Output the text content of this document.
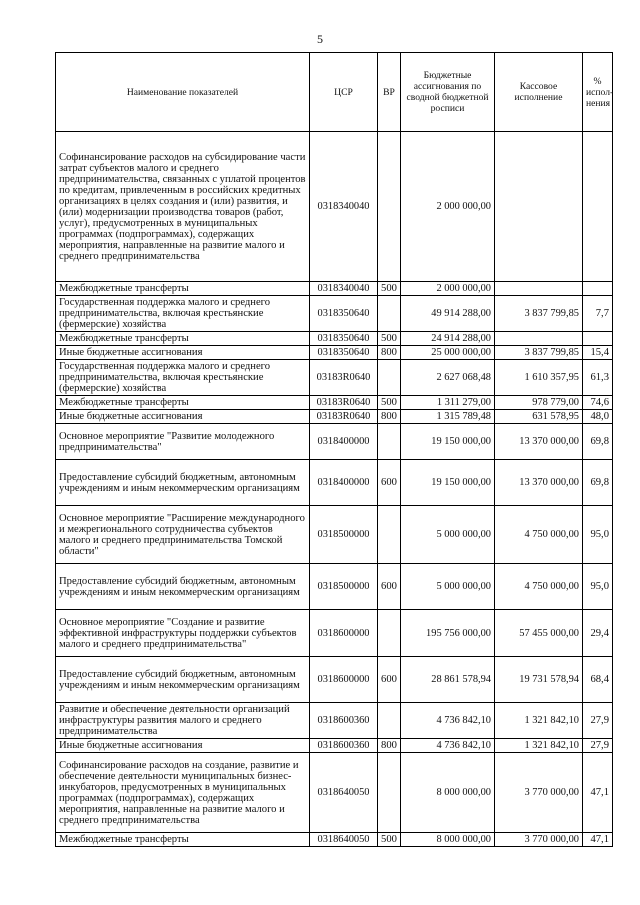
5
Наименование показателей	ЦСР	ВР	Бюджетные ассигнования по сводной бюджетной росписи	Кассовое исполнение	% испол-нения
Софинансирование расходов на субсидирование части затрат субъектов малого и среднего предпринимательства, связанных с уплатой процентов по кредитам, привлеченным в российских кредитных организациях в целях создания и (или) развития, и (или) модернизации производства товаров (работ, услуг), предусмотренных в муниципальных программах (подпрограммах), содержащих мероприятия, направленные на развитие малого и среднего предпринимательства	0318340040		2 000 000,00		
Межбюджетные трансферты	0318340040	500	2 000 000,00		
Государственная поддержка малого и среднего предпринимательства, включая крестьянские (фермерские) хозяйства	0318350640		49 914 288,00	3 837 799,85	7,7
Межбюджетные трансферты	0318350640	500	24 914 288,00		
Иные бюджетные ассигнования	0318350640	800	25 000 000,00	3 837 799,85	15,4
Государственная поддержка малого и среднего предпринимательства, включая крестьянские (фермерские) хозяйства	03183R0640		2 627 068,48	1 610 357,95	61,3
Межбюджетные трансферты	03183R0640	500	1 311 279,00	978 779,00	74,6
Иные бюджетные ассигнования	03183R0640	800	1 315 789,48	631 578,95	48,0
Основное мероприятие "Развитие молодежного предпринимательства"	0318400000		19 150 000,00	13 370 000,00	69,8
Предоставление субсидий бюджетным, автономным учреждениям и иным некоммерческим организациям	0318400000	600	19 150 000,00	13 370 000,00	69,8
Основное мероприятие "Расширение международного и межрегионального сотрудничества субъектов малого и среднего предпринимательства Томской области"	0318500000		5 000 000,00	4 750 000,00	95,0
Предоставление субсидий бюджетным, автономным учреждениям и иным некоммерческим организациям	0318500000	600	5 000 000,00	4 750 000,00	95,0
Основное мероприятие "Создание и развитие эффективной инфраструктуры поддержки субъектов малого и среднего предпринимательства"	0318600000		195 756 000,00	57 455 000,00	29,4
Предоставление субсидий бюджетным, автономным учреждениям и иным некоммерческим организациям	0318600000	600	28 861 578,94	19 731 578,94	68,4
Развитие и обеспечение деятельности организаций инфраструктуры развития малого и среднего предпринимательства	0318600360		4 736 842,10	1 321 842,10	27,9
Иные бюджетные ассигнования	0318600360	800	4 736 842,10	1 321 842,10	27,9
Софинансирование расходов на создание, развитие и обеспечение деятельности муниципальных бизнес-инкубаторов, предусмотренных в муниципальных программах (подпрограммах), содержащих мероприятия, направленные на развитие малого и среднего предпринимательства	0318640050		8 000 000,00	3 770 000,00	47,1
Межбюджетные трансферты	0318640050	500	8 000 000,00	3 770 000,00	47,1
